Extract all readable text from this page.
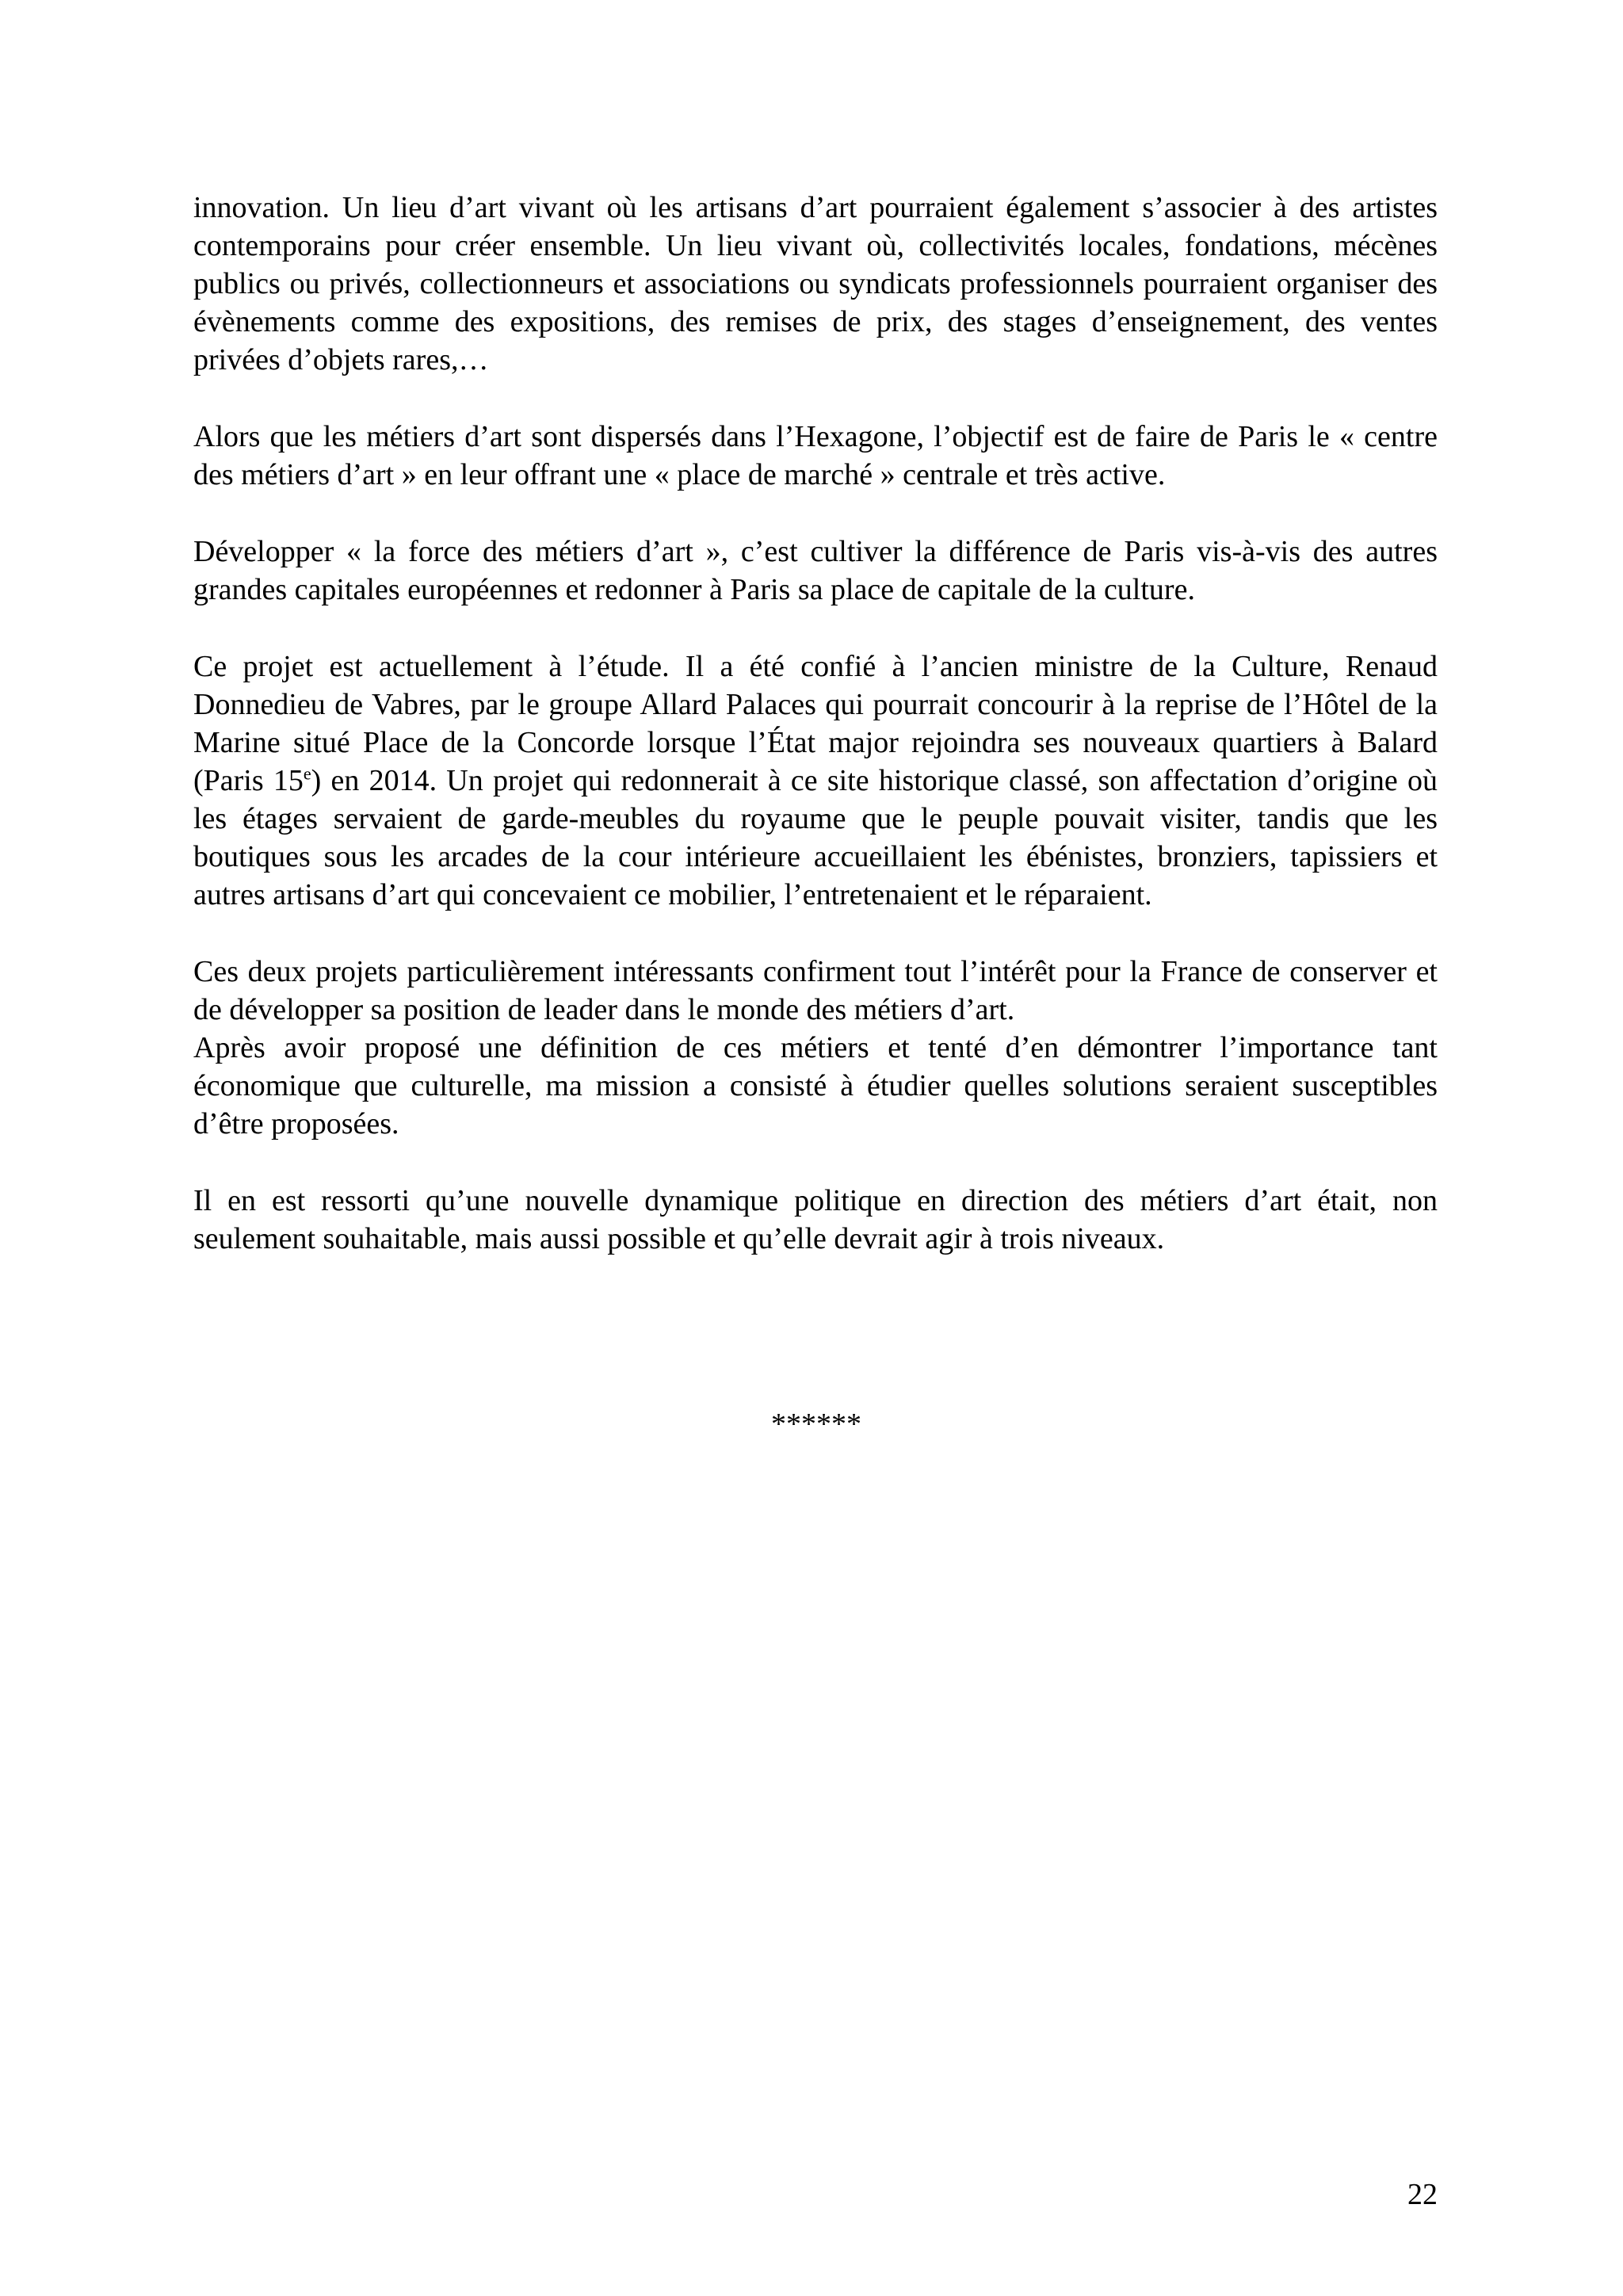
innovation. Un lieu d’art vivant où les artisans d’art pourraient également s’associer à des artistes contemporains pour créer ensemble. Un lieu vivant où, collectivités locales, fondations, mécènes publics ou privés, collectionneurs et associations ou syndicats professionnels pourraient organiser des évènements comme des expositions, des remises de prix, des stages d’enseignement, des ventes privées d’objets rares,…

Alors que les métiers d’art sont dispersés dans l’Hexagone, l’objectif est de faire de Paris le « centre des métiers d’art » en leur offrant une « place de marché » centrale et très active.

Développer « la force des métiers d’art », c’est cultiver la différence de Paris vis-à-vis des autres grandes capitales européennes et redonner à Paris sa place de capitale de la culture.

Ce projet est actuellement à l’étude. Il a été confié à l’ancien ministre de la Culture, Renaud Donnedieu de Vabres, par le groupe Allard Palaces qui pourrait concourir à la reprise de l’Hôtel de la Marine situé Place de la Concorde lorsque l’État major rejoindra ses nouveaux quartiers à Balard (Paris 15e) en 2014. Un projet qui redonnerait à ce site historique classé, son affectation d’origine où les étages servaient de garde-meubles du royaume que le peuple pouvait visiter, tandis que les boutiques sous les arcades de la cour intérieure accueillaient les ébénistes, bronziers, tapissiers et autres artisans d’art qui concevaient ce mobilier, l’entretenaient et le réparaient.

Ces deux projets particulièrement intéressants confirment tout l’intérêt pour la France de conserver et de développer sa position de leader dans le monde des métiers d’art.

Après avoir proposé une définition de ces métiers et tenté d’en démontrer l’importance tant économique que culturelle, ma mission a consisté à étudier quelles solutions seraient susceptibles d’être proposées.

Il en est ressorti qu’une nouvelle dynamique politique en direction des métiers d’art était, non seulement souhaitable, mais aussi possible et qu’elle devrait agir à trois niveaux.

******
22
